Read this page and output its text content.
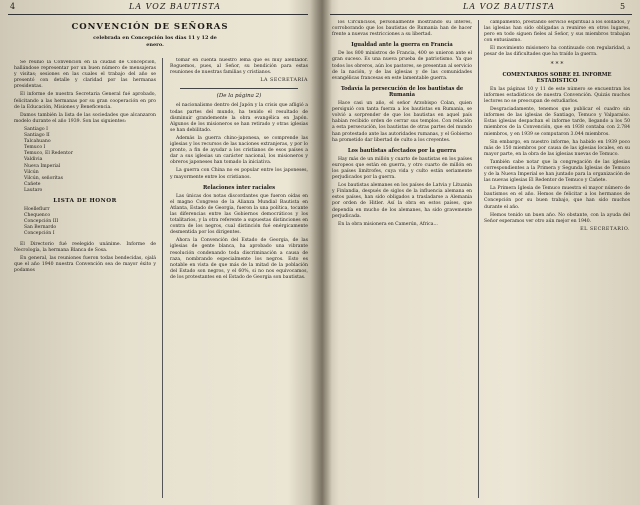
4	LA VOZ BAUTISTA
CONVENCIÓN DE SEÑORAS
celebrada en Concepción los días 11 y 12 de enero.

Se reunió la Convención en la ciudad de Concepción, hallándose representar por un buen número de mensajeras y visitas; sesiones en las cuales el trabajo del año se presentó con detalle y claridad por las hermanas presidentas.

El informe de nuestra Secretaria General fué aprobado, felicitando a las hermanas por su gran cooperación en pro de la Educación, Misiones y Beneficencia.

Damos también la lista de las sociedades que alcanzaron modelo durante el año 1939. Son las siguientes:

Santiago I
Santiago II
Talcahuano
Temuco I
Temuco, El Redentor
Valdivia
Nueva Imperial
Vilcún
Vilcún, señoritas
Cañete
Lautaro
LISTA DE HONOR
Hoelleflurr
Chequenco
Concepción III
San Bernardo
Concepción I

El Directorio fué reelegido unánime. Informe de Necrología, la hermana Blanca de Sosa.

En general, las reuniones fueron todas bendecidas, ojalá que el año 1940 nuestra Convención sea de mayor éxito y podamos

tomar en cuenta nuestro lema que es muy alentador. Roguemos, pues, al Señor, su bendición para estas reuniones de nuestras familias y cristianos.

LA SECRETARIA
(De la página 2)

el nacionalismo dentro del Japón y la crisis que afligió a todas partes del mundo, ha tenido el resultado de disminuir grandemente la obra evangélica en Japón. Algunos de los misioneros se han retirado y otras iglesias se han debilitado.

Además la guerra chino-japonesa, se comprende las iglesias y los recursos de las naciones extranjeras, y por lo pronto, a fin de ayudar a los cristianos de esos países a dar a sus iglesias un carácter nacional, los misioneros y obreros japoneses han tomado la iniciativa.

La guerra con China no es popular entre los japoneses, y mayormente entre los cristianos.

Relaciones inter raciales

Las únicas dos notas discordantes que fueron oídas en el magno Congreso de la Alianza Mundial Bautista en Atlanta, Estado de Georgia, fueron la una política, tocante las diferencias entre las Gobiernos democráticos y los totalitarios, y la otra referente a supuestas distinciones en contra de los negros, cual distinción fué enérgicamente desmentida por los dirigentes.

Ahora la Convención del Estado de Georgia, de las iglesias de gente blanca, ha aprobado una vibrante resolución condenando toda discriminación a causa de raza, nombrando especialmente los negros. Esto es notable en vista de que más de la mitad de la población del Estado son negros, y el 60%, si no nos equivocamos, de los protestantes en el Estado de Georgia son bautistas.

LA VOZ BAUTISTA	5

los Circuncisos, personalmente mostrando su interés, corroborando que los bautistas de Rumania han de hacer frente a nuevas restricciones a su libertad.

Igualdad ante la guerra en Francia

De los 800 ministros de Francia, 400 se unieron ante el gran suceso. Es una nueva prueba de patriotismo. Ya que todos los obreros, aún los pastores, se presentan al servicio de la nación, y de las iglesias y de las comunidades evangélicas francesas en este lamentable guerra.

Todavía la persecución de los bautistas de Rumania

Hace casi un año, el señor Arzobispo Colan, quien persiguió con tanta fuerza a los bautistas en Rumania, se volvió a sorprender de que los bautistas en aquel país habían recibido orden de cerrar sus templos. Con relación a esta persecución, los bautistas de otras partes del mundo han protestado ante las autoridades rumanas, y el Gobierno ha prometido dar libertad de culto a los creyentes.

Los bautistas afectados por la guerra

Hay más de un millón y cuarto de bautistas en los países europeos que están en guerra, y otro cuarto de millón en los países limítrofes, cuya vida y culto están seriamente perjudicados por la guerra.

Los bautistas alemanes en los países de Latvia y Lituania y Finlandia, después de siglos de la influencia alemana en estos países, han sido obligados a trasladarse a Alemania por orden de Hitler. Así la obra en estos países, que dependía en mucho de los alemanes, ha sido gravemente perjudicada.

En la obra misionera en Camerún, Africa...

campamento, prestando servicio espiritual a los soldados, y las iglesias han sido obligadas a reunirse en otros lugares, pero en todo siguen fieles al Señor, y sus miembros trabajan con entusiasmo.

El movimiento misionero ha continuado con regularidad, a pesar de las dificultades que ha traído la guerra.

* * *
COMENTARIOS SOBRE EL INFORME ESTADISTICO

En las páginas 10 y 11 de este número se encuentran los informes estadísticos de nuestra Convención. Quizás muchos lectores no se preocupan de estudiarlos.

Desgraciadamente, tenemos que publicar el cuadro sin informes de las iglesias de Santiago, Temuco y Valparaíso. Estas iglesias despachan el informe tarde, llegando a los 50 miembros de la Convención, que en 1938 contaba con 2.784 miembros, y en 1939 se computaron 3.044 miembros.

Sin embargo, en nuestro informe, ha habido en 1939 poco más de 150 miembros por causa de las iglesias locales, en su mayor parte, en la obra de las iglesias nuevas de Temuco.

También cabe notar que la congregación de las iglesias correspondientes a la Primera y Segunda Iglesias de Temuco y de la Nueva Imperial se han juntado para la organización de las nuevas iglesias El Redentor de Temuco y Cañete.

La Primera Iglesia de Temuco muestra el mayor número de bautismos en el año. Hemos de felicitar a los hermanos de Concepción por su buen trabajo, que han sido muchos durante el año.

Hemos tenido un buen año. No obstante, con la ayuda del Señor esperamos ver otro aún mejor en 1940.

EL SECRETARIO.
